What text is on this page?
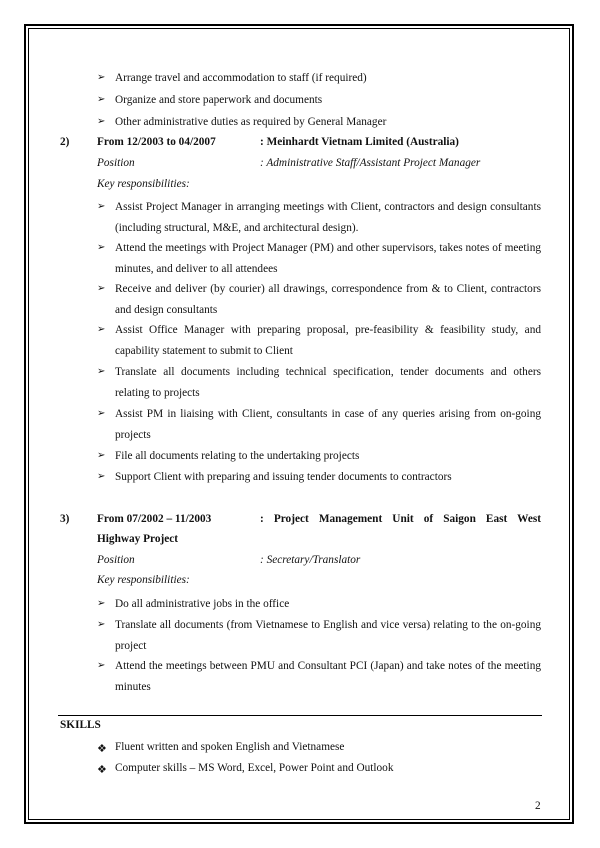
➢ Arrange travel and accommodation to staff (if required)
➢ Organize and store paperwork and documents
➢ Other administrative duties as required by General Manager
2) From 12/2003 to 04/2007	: Meinhardt Vietnam Limited (Australia)
Position	: Administrative Staff/Assistant Project Manager
Key responsibilities:
➢ Assist Project Manager in arranging meetings with Client, contractors and design consultants (including structural, M&E, and architectural design).
➢ Attend the meetings with Project Manager (PM) and other supervisors, takes notes of meeting minutes, and deliver to all attendees
➢ Receive and deliver (by courier) all drawings, correspondence from & to Client, contractors and design consultants
➢ Assist Office Manager with preparing proposal, pre-feasibility & feasibility study, and capability statement to submit to Client
➢ Translate all documents including technical specification, tender documents and others relating to projects
➢ Assist PM in liaising with Client, consultants in case of any queries arising from on-going projects
➢ File all documents relating to the undertaking projects
➢ Support Client with preparing and issuing tender documents to contractors
3) From 07/2002 – 11/2003	: Project Management Unit of Saigon East West
Highway Project
Position	: Secretary/Translator
Key responsibilities:
➢ Do all administrative jobs in the office
➢ Translate all documents (from Vietnamese to English and vice versa) relating to the on-going project
➢ Attend the meetings between PMU and Consultant PCI (Japan) and take notes of the meeting minutes
SKILLS
❖ Fluent written and spoken English and Vietnamese
❖ Computer skills – MS Word, Excel, Power Point and Outlook
2
